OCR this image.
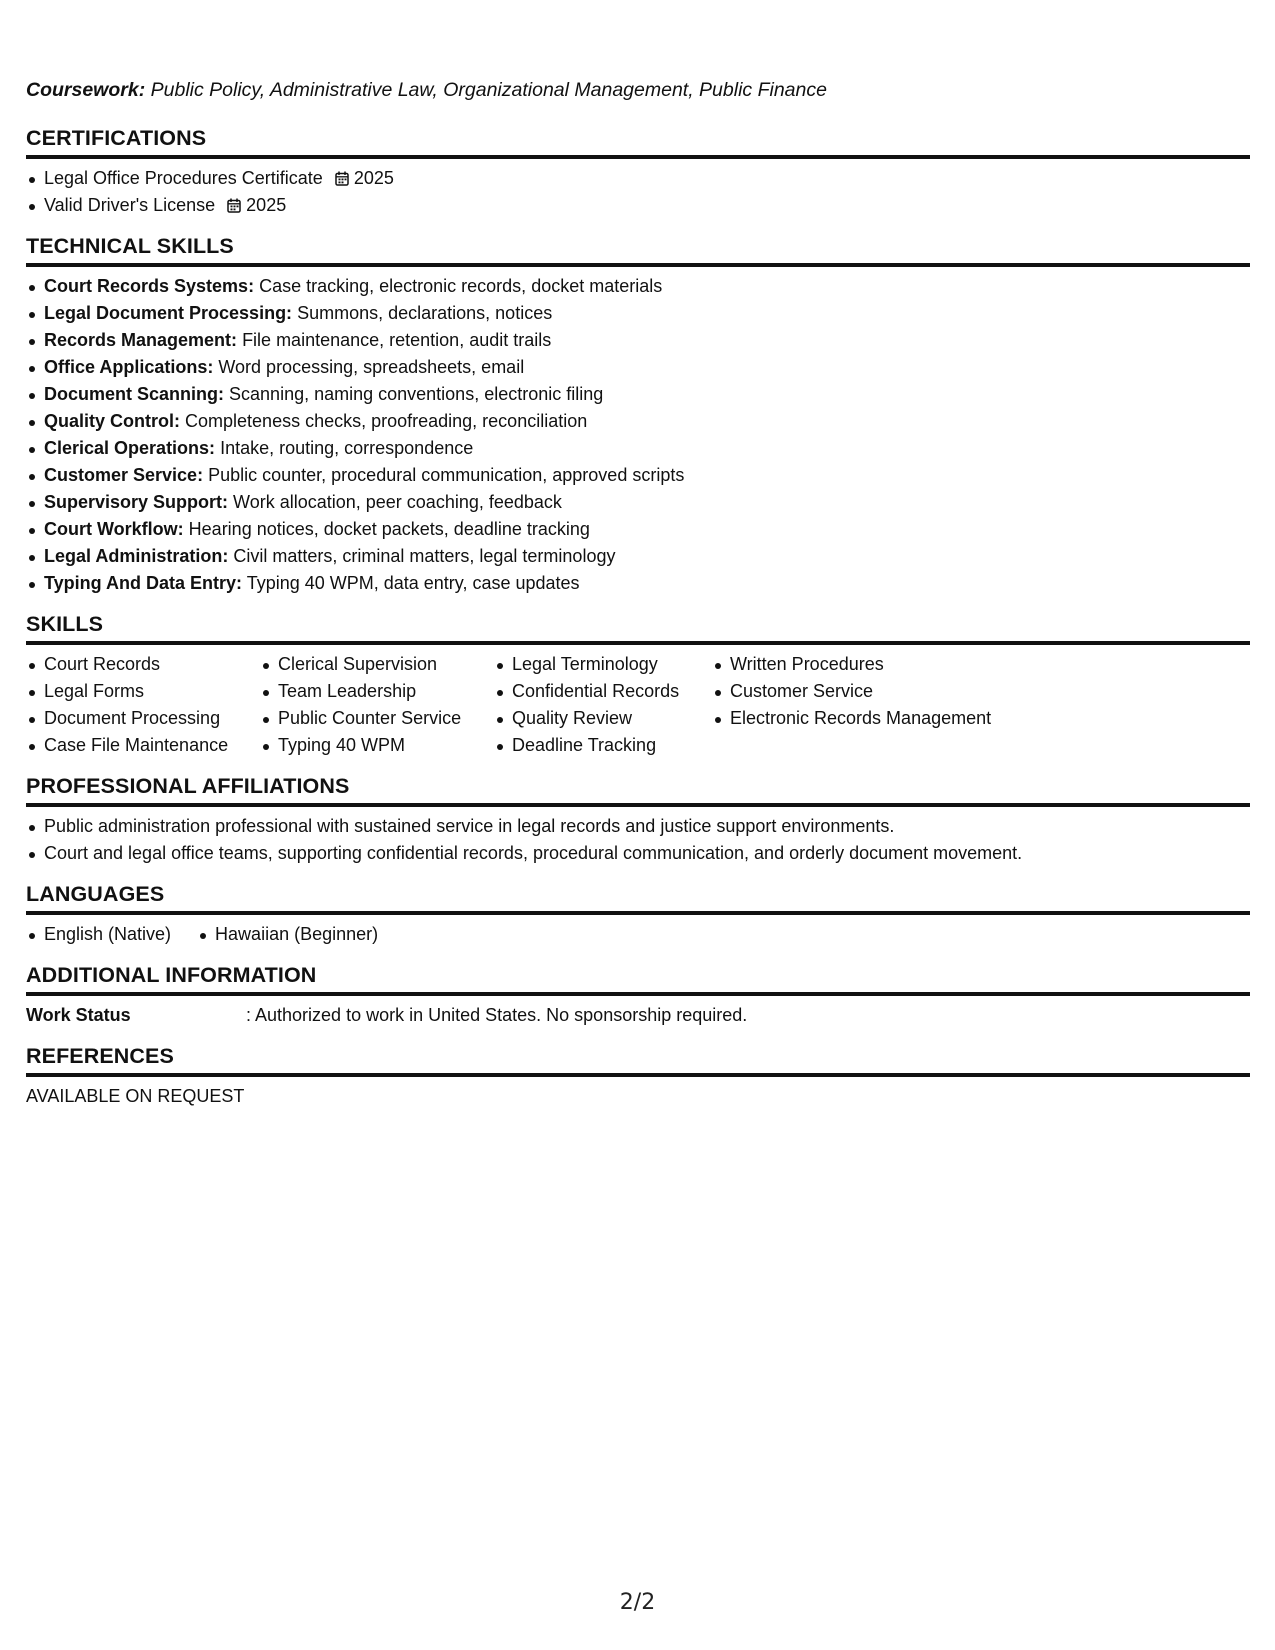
Coursework: Public Policy, Administrative Law, Organizational Management, Public Finance

CERTIFICATIONS
Legal Office Procedures Certificate 2025
Valid Driver's License 2025
TECHNICAL SKILLS
Court Records Systems: Case tracking, electronic records, docket materials
Legal Document Processing: Summons, declarations, notices
Records Management: File maintenance, retention, audit trails
Office Applications: Word processing, spreadsheets, email
Document Scanning: Scanning, naming conventions, electronic filing
Quality Control: Completeness checks, proofreading, reconciliation
Clerical Operations: Intake, routing, correspondence
Customer Service: Public counter, procedural communication, approved scripts
Supervisory Support: Work allocation, peer coaching, feedback
Court Workflow: Hearing notices, docket packets, deadline tracking
Legal Administration: Civil matters, criminal matters, legal terminology
Typing And Data Entry: Typing 40 WPM, data entry, case updates
SKILLS
Court Records
Legal Forms
Document Processing
Case File Maintenance
Clerical Supervision
Team Leadership
Public Counter Service
Typing 40 WPM
Legal Terminology
Confidential Records
Quality Review
Deadline Tracking
Written Procedures
Customer Service
Electronic Records Management
PROFESSIONAL AFFILIATIONS
Public administration professional with sustained service in legal records and justice support environments.
Court and legal office teams, supporting confidential records, procedural communication, and orderly document movement.
LANGUAGES
English (Native)	Hawaiian (Beginner)
ADDITIONAL INFORMATION
Work Status	: Authorized to work in United States. No sponsorship required.
REFERENCES
AVAILABLE ON REQUEST
2/2
